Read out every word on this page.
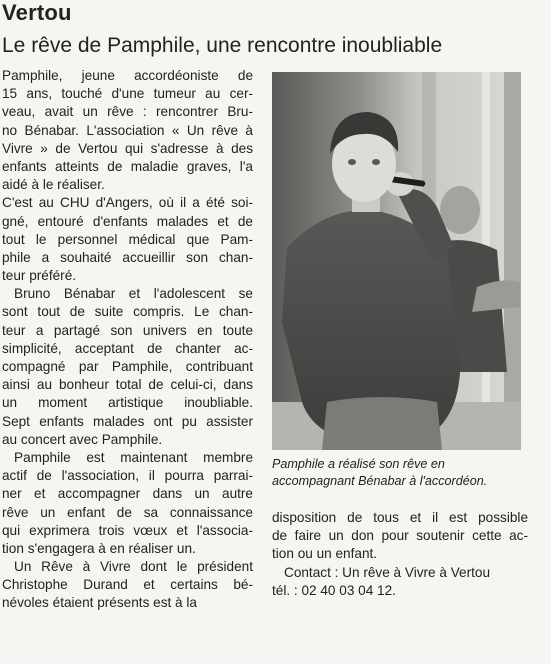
Vertou
Le rêve de Pamphile, une rencontre inoubliable
Pamphile, jeune accordéoniste de
15 ans, touché d'une tumeur au cer-
veau, avait un rêve : rencontrer Bru-
no Bénabar. L'association « Un rêve à
Vivre » de Vertou qui s'adresse à des
enfants atteints de maladie graves, l'a
aidé à le réaliser.
C'est au CHU d'Angers, où il a été soi-
gné, entouré d'enfants malades et de
tout le personnel médical que Pam-
phile a souhaité accueillir son chan-
teur préféré.
Bruno Bénabar et l'adolescent se
sont tout de suite compris. Le chan-
teur a partagé son univers en toute
simplicité, acceptant de chanter ac-
compagné par Pamphile, contribuant
ainsi au bonheur total de celui-ci, dans
un moment artistique inoubliable.
Sept enfants malades ont pu assister
au concert avec Pamphile.
Pamphile est maintenant membre
actif de l'association, il pourra parrai-
ner et accompagner dans un autre
rêve un enfant de sa connaissance
qui exprimera trois vœux et l'associa-
tion s'engagera à en réaliser un.
Un Rêve à Vivre dont le président
Christophe Durand et certains bé-
névoles étaient présents est à la
Pamphile a réalisé son rêve en
accompagnant Bénabar à l'accordéon.
disposition de tous et il est possible
de faire un don pour soutenir cette ac-
tion ou un enfant.
Contact : Un rêve à Vivre à Vertou
tél. : 02 40 03 04 12.
